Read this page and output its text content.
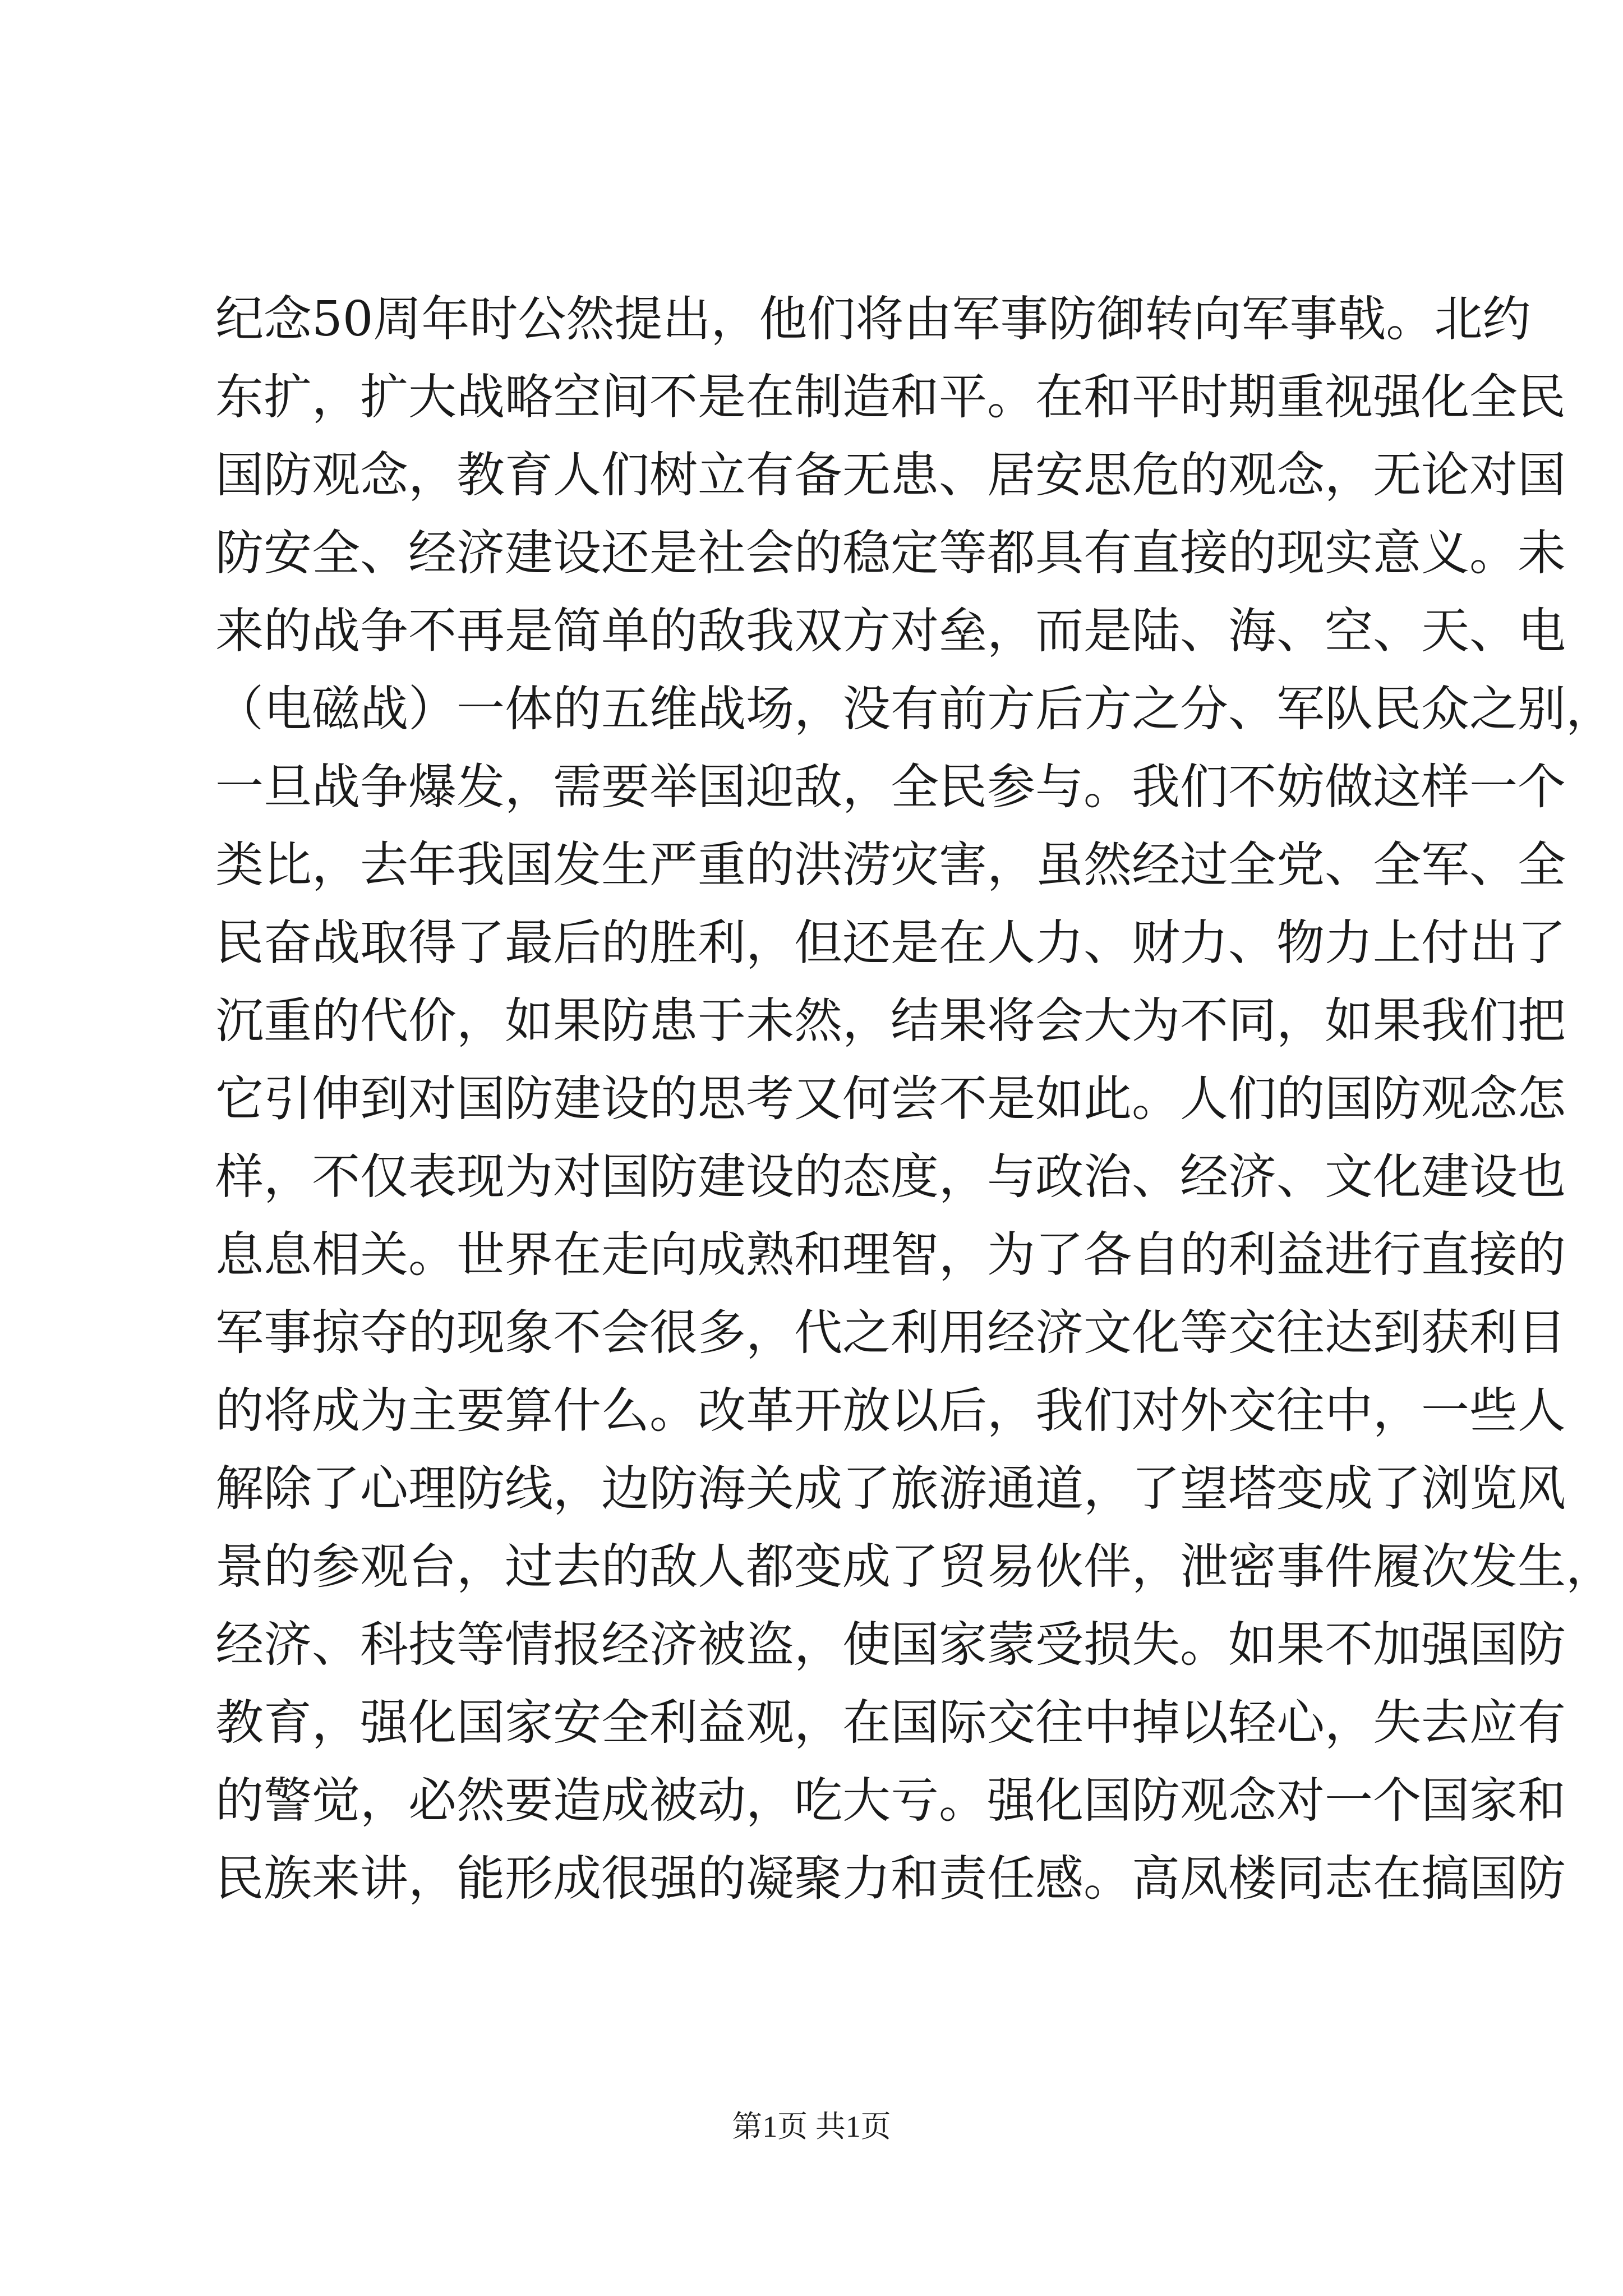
纪念50周年时公然提出，他们将由军事防御转向军事戟。北约
东扩，扩大战略空间不是在制造和平。在和平时期重视强化全民
国防观念，教育人们树立有备无患、居安思危的观念，无论对国
防安全、经济建设还是社会的稳定等都具有直接的现实意义。未
来的战争不再是简单的敌我双方对垒，而是陆、海、空、天、电
（电磁战）一体的五维战场，没有前方后方之分、军队民众之别，
一旦战争爆发，需要举国迎敌，全民参与。我们不妨做这样一个
类比，去年我国发生严重的洪涝灾害，虽然经过全党、全军、全
民奋战取得了最后的胜利，但还是在人力、财力、物力上付出了
沉重的代价，如果防患于未然，结果将会大为不同，如果我们把
它引伸到对国防建设的思考又何尝不是如此。人们的国防观念怎
样，不仅表现为对国防建设的态度，与政治、经济、文化建设也
息息相关。世界在走向成熟和理智，为了各自的利益进行直接的
军事掠夺的现象不会很多，代之利用经济文化等交往达到获利目
的将成为主要算什么。改革开放以后，我们对外交往中，一些人
解除了心理防线，边防海关成了旅游通道，了望塔变成了浏览风
景的参观台，过去的敌人都变成了贸易伙伴，泄密事件履次发生，
经济、科技等情报经济被盗，使国家蒙受损失。如果不加强国防
教育，强化国家安全利益观，在国际交往中掉以轻心，失去应有
的警觉，必然要造成被动，吃大亏。强化国防观念对一个国家和
民族来讲，能形成很强的凝聚力和责任感。高凤楼同志在搞国防
第1页 共1页
